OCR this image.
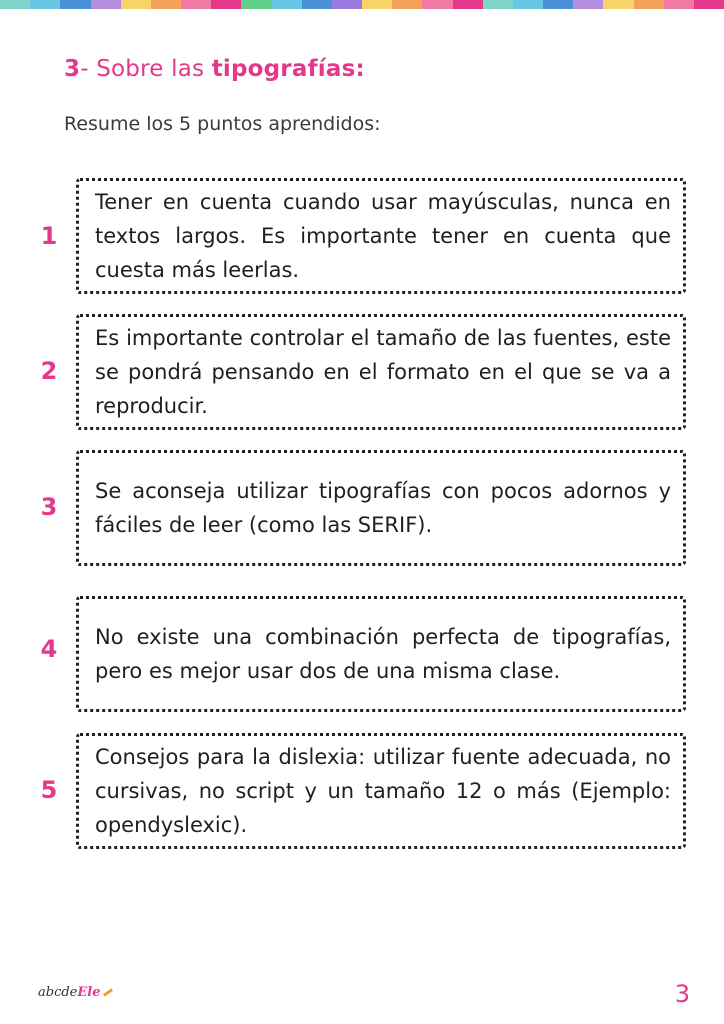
3- Sobre las tipografías:
Resume los 5 puntos aprendidos:
1

Tener en cuenta cuando usar mayúsculas, nunca en textos largos. Es importante tener en cuenta que cuesta más leerlas.

2

Es importante controlar el tamaño de las fuentes, este se pondrá pensando en el formato en el que se va a reproducir.

3

Se aconseja utilizar tipografías con pocos adornos y fáciles de leer (como las SERIF).

4 No existe una combinación perfecta de tipografías, pero es mejor usar dos de una misma clase.

5

Consejos para la dislexia: utilizar fuente adecuada, no cursivas, no script y un tamaño 12 o más (Ejemplo: opendyslexic).

abcdeEle	3
